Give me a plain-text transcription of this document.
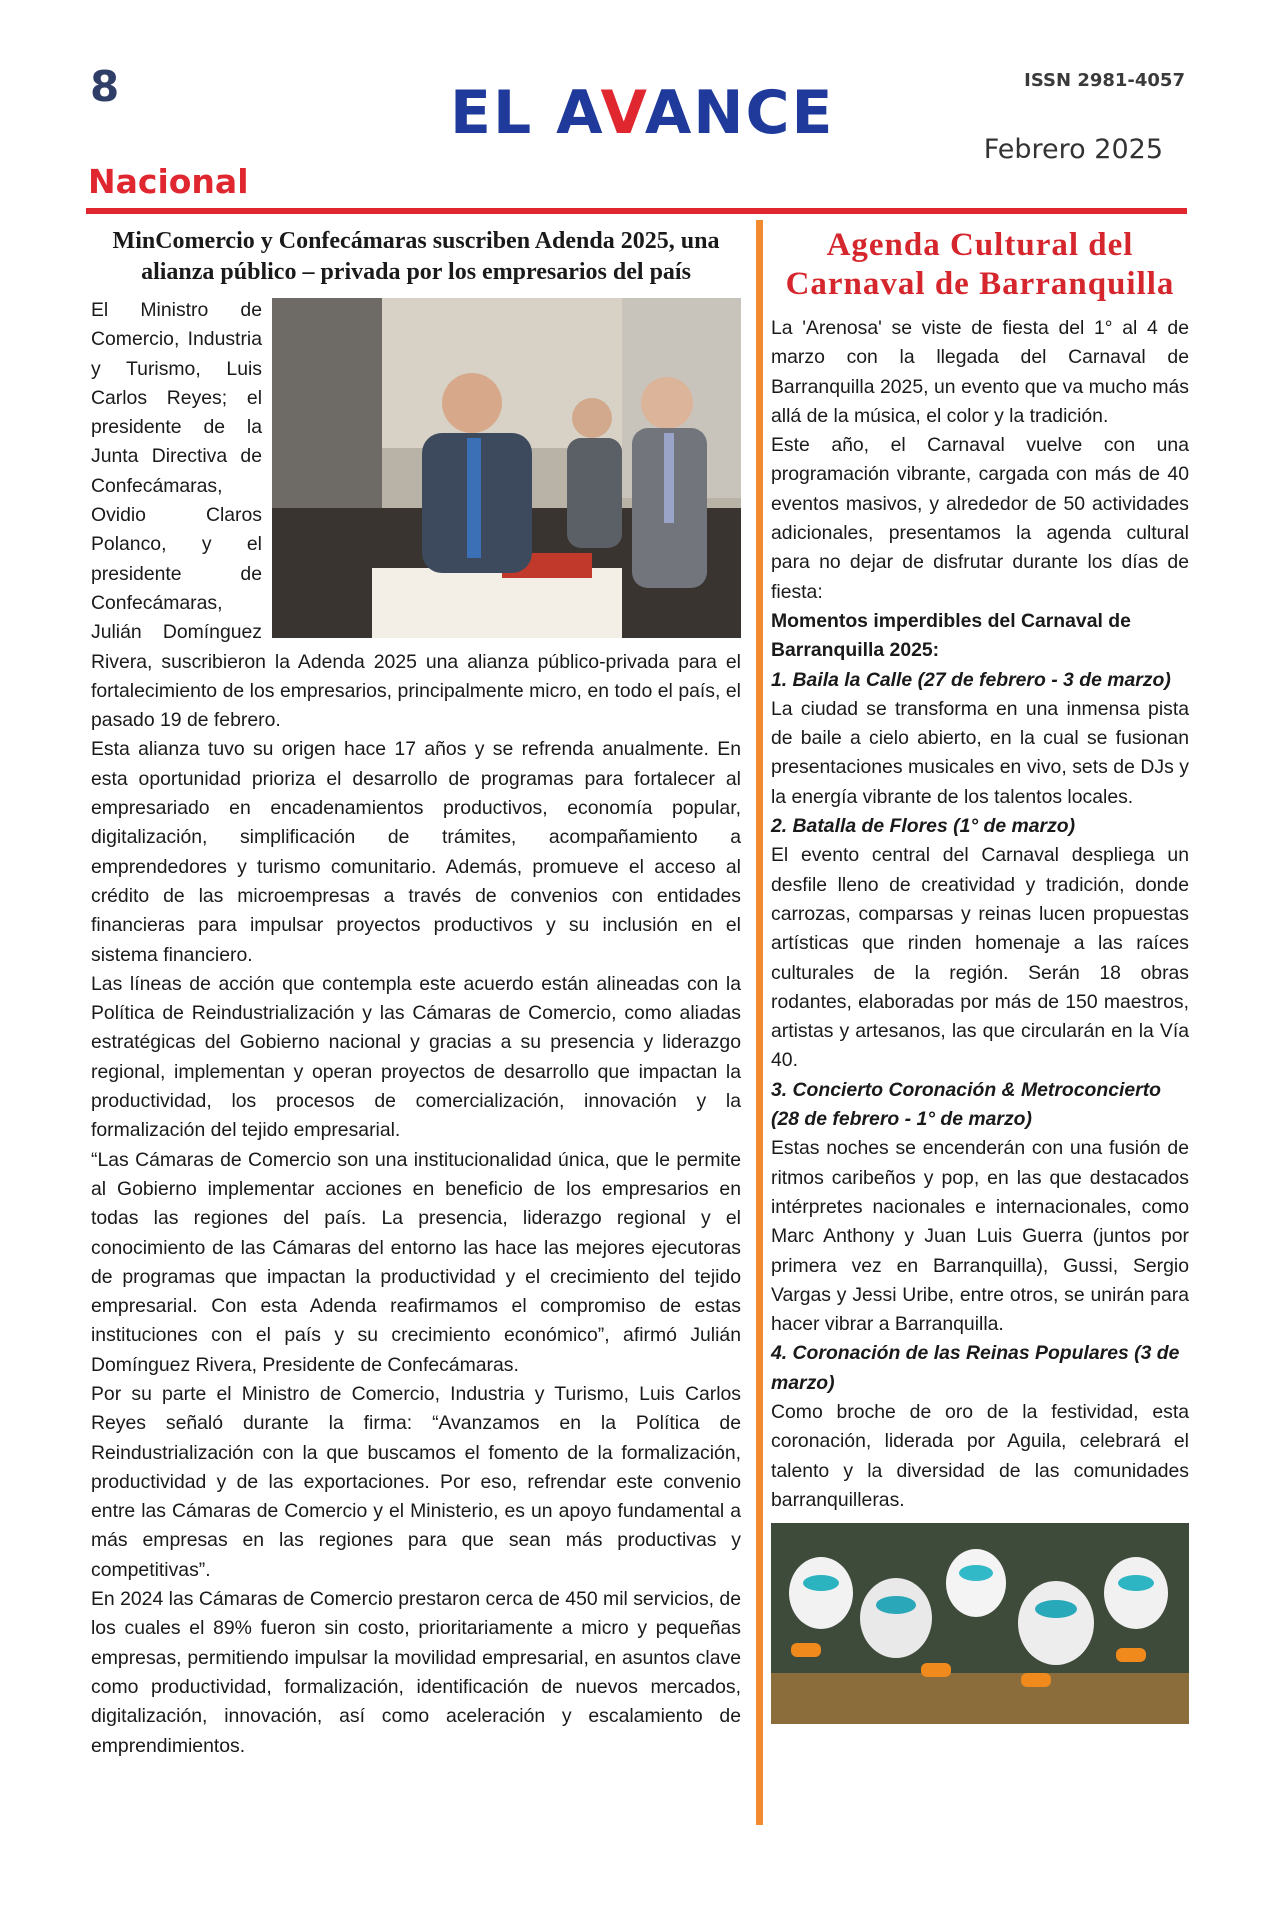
8	EL AVANCE	ISSN 2981-4057
Febrero 2025
Nacional
MinComercio y Confecámaras suscriben Adenda 2025, una alianza público – privada por los empresarios del país

El Ministro de Comercio, Industria y Turismo, Luis Carlos Reyes; el presidente de la Junta Directiva de Confecámaras, Ovidio Claros Polanco, y el presidente de Confecámaras, Julián Domínguez Rivera, suscribieron la Adenda 2025 una alianza público-privada para el fortalecimiento de los empresarios, principalmente micro, en todo el país, el pasado 19 de febrero.

Esta alianza tuvo su origen hace 17 años y se refrenda anualmente. En esta oportunidad prioriza el desarrollo de programas para fortalecer al empresariado en encadenamientos productivos, economía popular, digitalización, simplificación de trámites, acompañamiento a emprendedores y turismo comunitario. Además, promueve el acceso al crédito de las microempresas a través de convenios con entidades financieras para impulsar proyectos productivos y su inclusión en el sistema financiero.

Las líneas de acción que contempla este acuerdo están alineadas con la Política de Reindustrialización y las Cámaras de Comercio, como aliadas estratégicas del Gobierno nacional y gracias a su presencia y liderazgo regional, implementan y operan proyectos de desarrollo que impactan la productividad, los procesos de comercialización, innovación y la formalización del tejido empresarial.

“Las Cámaras de Comercio son una institucionalidad única, que le permite al Gobierno implementar acciones en beneficio de los empresarios en todas las regiones del país. La presencia, liderazgo regional y el conocimiento de las Cámaras del entorno las hace las mejores ejecutoras de programas que impactan la productividad y el crecimiento del tejido empresarial. Con esta Adenda reafirmamos el compromiso de estas instituciones con el país y su crecimiento económico”, afirmó Julián Domínguez Rivera, Presidente de Confecámaras.

Por su parte el Ministro de Comercio, Industria y Turismo, Luis Carlos Reyes señaló durante la firma: “Avanzamos en la Política de Reindustrialización con la que buscamos el fomento de la formalización, productividad y de las exportaciones. Por eso, refrendar este convenio entre las Cámaras de Comercio y el Ministerio, es un apoyo fundamental a más empresas en las regiones para que sean más productivas y competitivas”.

En 2024 las Cámaras de Comercio prestaron cerca de 450 mil servicios, de los cuales el 89% fueron sin costo, prioritariamente a micro y pequeñas empresas, permitiendo impulsar la movilidad empresarial, en asuntos clave como productividad, formalización, identificación de nuevos mercados, digitalización, innovación, así como aceleración y escalamiento de emprendimientos.

Agenda Cultural del
Carnaval de Barranquilla

La 'Arenosa' se viste de fiesta del 1° al 4 de marzo con la llegada del Carnaval de Barranquilla 2025, un evento que va mucho más allá de la música, el color y la tradición.

Este año, el Carnaval vuelve con una programación vibrante, cargada con más de 40 eventos masivos, y alrededor de 50 actividades adicionales, presentamos la agenda cultural para no dejar de disfrutar durante los días de fiesta:

Momentos imperdibles del Carnaval de Barranquilla 2025:

1. Baila la Calle (27 de febrero - 3 de marzo)

La ciudad se transforma en una inmensa pista de baile a cielo abierto, en la cual se fusionan presentaciones musicales en vivo, sets de DJs y la energía vibrante de los talentos locales.

2. Batalla de Flores (1° de marzo)

El evento central del Carnaval despliega un desfile lleno de creatividad y tradición, donde carrozas, comparsas y reinas lucen propuestas artísticas que rinden homenaje a las raíces culturales de la región. Serán 18 obras rodantes, elaboradas por más de 150 maestros, artistas y artesanos, las que circularán en la Vía 40.

3. Concierto Coronación & Metroconcierto (28 de febrero - 1° de marzo)

Estas noches se encenderán con una fusión de ritmos caribeños y pop, en las que destacados intérpretes nacionales e internacionales, como Marc Anthony y Juan Luis Guerra (juntos por primera vez en Barranquilla), Gussi, Sergio Vargas y Jessi Uribe, entre otros, se unirán para hacer vibrar a Barranquilla.

4. Coronación de las Reinas Populares (3 de marzo)

Como broche de oro de la festividad, esta coronación, liderada por Aguila, celebrará el talento y la diversidad de las comunidades barranquilleras.
